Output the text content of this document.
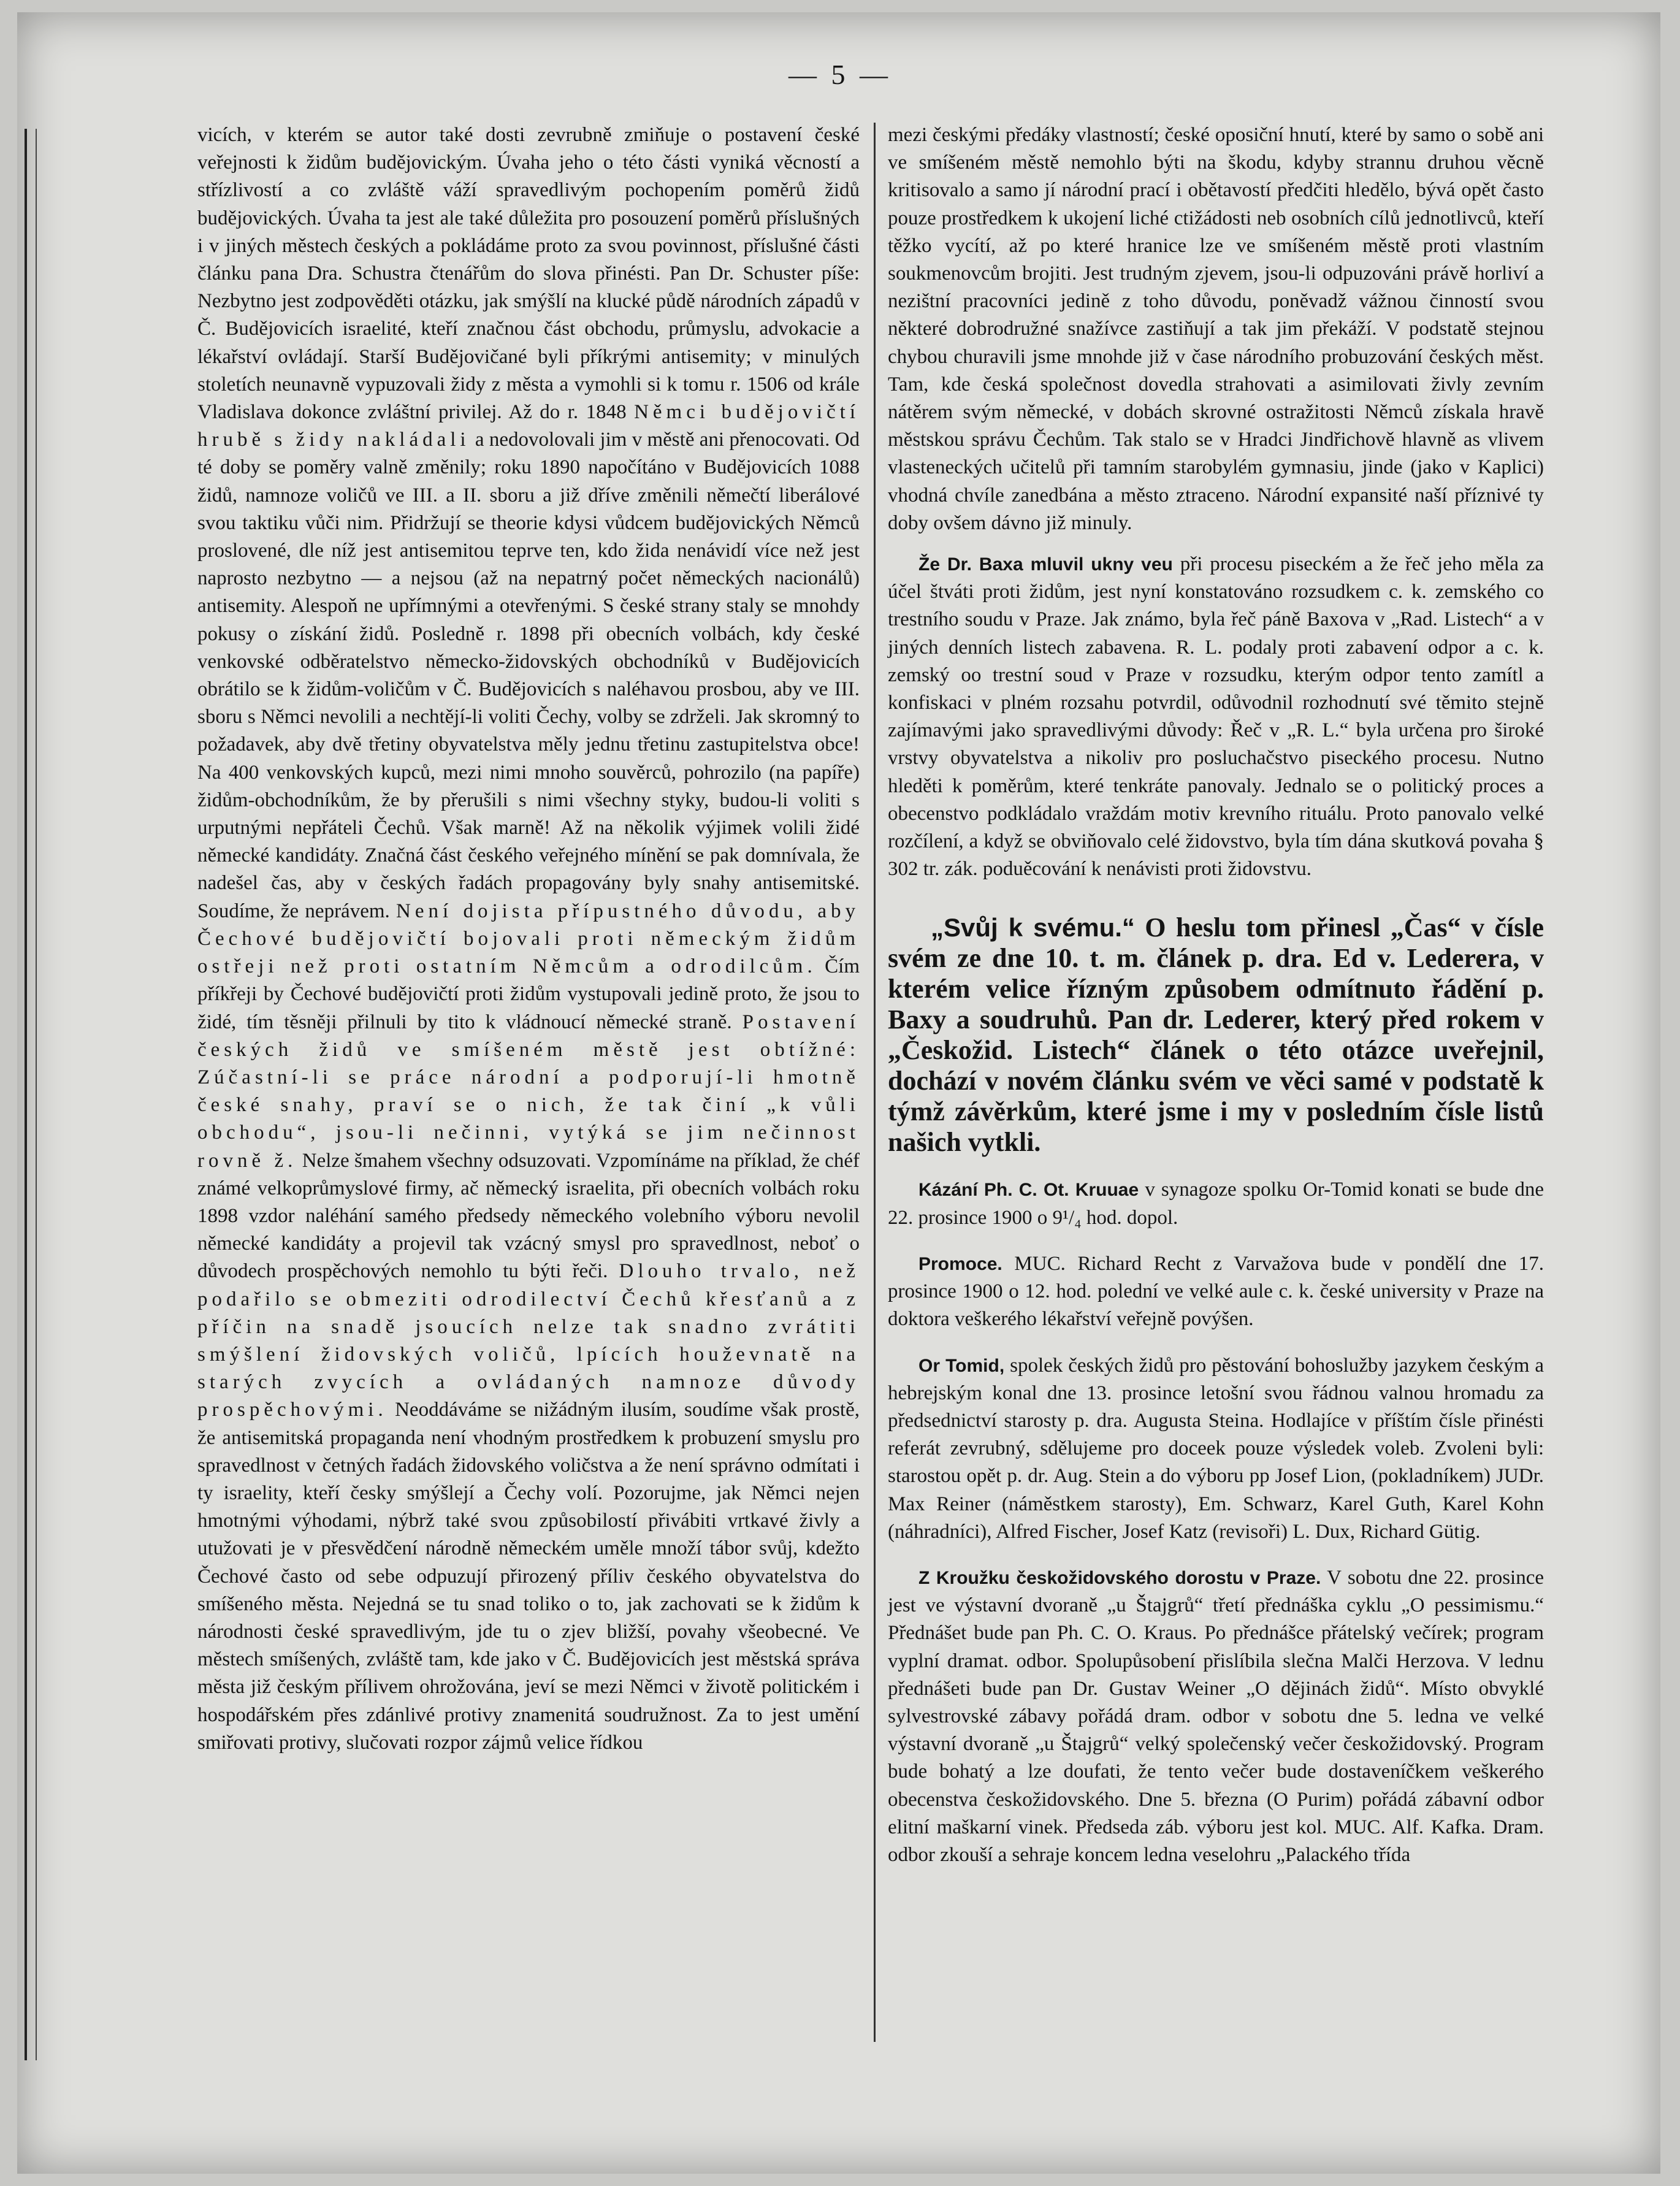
— 5 —

vicích, v kterém se autor také dosti zevrubně zmiňuje o postavení české veřejnosti k židům budějovickým. Úvaha jeho o této části vyniká věcností a střízlivostí a co zvláště váží spravedlivým pochopením poměrů židů budějovických. Úvaha ta jest ale také důležita pro posouzení poměrů příslušných i v jiných městech českých a pokládáme proto za svou povinnost, příslušné části článku pana Dra. Schustra čtenářům do slova přinésti. Pan Dr. Schuster píše: Nezbytno jest zodpověděti otázku, jak smýšlí na klucké půdě národních západů v Č. Budějovicích israelité, kteří značnou část obchodu, průmyslu, advokacie a lékařství ovládají. Starší Budějovičané byli příkrými antisemity; v minulých stoletích neunavně vypuzovali židy z města a vymohli si k tomu r. 1506 od krále Vladislava dokonce zvláštní privilej. Až do r. 1848 Němci budějovičtí hrubě s židy nakládali a nedovolovali jim v městě ani přenocovati. Od té doby se poměry valně změnily; roku 1890 napočítáno v Budějovicích 1088 židů, namnoze voličů ve III. a II. sboru a již dříve změnili němečtí liberálové svou taktiku vůči nim. Přidržují se theorie kdysi vůdcem budějovických Němců proslovené, dle níž jest antisemitou teprve ten, kdo žida nenávidí více než jest naprosto nezbytno — a nejsou (až na nepatrný počet německých nacionálů) antisemity. Alespoň ne upřímnými a otevřenými. S české strany staly se mnohdy pokusy o získání židů. Posledně r. 1898 při obecních volbách, kdy české venkovské odběratelstvo německo-židovských obchodníků v Budějovicích obrátilo se k židům-voličům v Č. Budějovicích s naléhavou prosbou, aby ve III. sboru s Němci nevolili a nechtějí-li voliti Čechy, volby se zdrželi. Jak skromný to požadavek, aby dvě třetiny obyvatelstva měly jednu třetinu zastupitelstva obce! Na 400 venkovských kupců, mezi nimi mnoho souvěrců, pohrozilo (na papíře) židům-obchodníkům, že by přerušili s nimi všechny styky, budou-li voliti s urputnými nepřáteli Čechů. Však marně! Až na několik výjimek volili židé německé kandidáty. Značná část českého veřejného mínění se pak domnívala, že nadešel čas, aby v českých řadách propagovány byly snahy antisemitské. Soudíme, že neprávem. Není dojista přípustného důvodu, aby Čechové budějovičtí bojovali proti německým židům ostřeji než proti ostatním Němcům a odrodilcům. Čím příkřeji by Čechové budějovičtí proti židům vystupovali jedině proto, že jsou to židé, tím těsněji přilnuli by tito k vládnoucí německé straně. Postavení českých židů ve smíšeném městě jest obtížné: Zúčastní-li se práce národní a podporují-li hmotně české snahy, praví se o nich, že tak činí „k vůli obchodu“, jsou-li nečinni, vytýká se jim nečinnost rovně ž. Nelze šmahem všechny odsuzovati. Vzpomínáme na příklad, že chéf známé velkoprůmyslové firmy, ač německý israelita, při obecních volbách roku 1898 vzdor naléhání samého předsedy německého volebního výboru nevolil německé kandidáty a projevil tak vzácný smysl pro spravedlnost, neboť o důvodech prospěchových nemohlo tu býti řeči. Dlouho trvalo, než podařilo se obmeziti odrodilectví Čechů křesťanů a z příčin na snadě jsoucích nelze tak snadno zvrátiti smýšlení židovských voličů, lpících houževnatě na starých zvycích a ovládaných namnoze důvody prospěchovými. Neoddáváme se nižádným ilusím, soudíme však prostě, že antisemitská propaganda není vhodným prostředkem k probuzení smyslu pro spravedlnost v četných řadách židovského voličstva a že není správno odmítati i ty israelity, kteří česky smýšlejí a Čechy volí. Pozorujme, jak Němci nejen hmotnými výhodami, nýbrž také svou způsobilostí přivábiti vrtkavé živly a utužovati je v přesvědčení národně německém uměle množí tábor svůj, kdežto Čechové často od sebe odpuzují přirozený příliv českého obyvatelstva do smíšeného města. Nejedná se tu snad toliko o to, jak zachovati se k židům k národnosti české spravedlivým, jde tu o zjev bližší, povahy všeobecné. Ve městech smíšených, zvláště tam, kde jako v Č. Budějovicích jest městská správa města již českým přílivem ohrožována, jeví se mezi Němci v životě politickém i hospodářském přes zdánlivé protivy znamenitá soudružnost. Za to jest umění smiřovati protivy, slučovati rozpor zájmů velice řídkou

mezi českými předáky vlastností; české oposiční hnutí, které by samo o sobě ani ve smíšeném městě nemohlo býti na škodu, kdyby strannu druhou věcně kritisovalo a samo jí národní prací i obětavostí předčiti hledělo, bývá opět často pouze prostředkem k ukojení liché ctižádosti neb osobních cílů jednotlivců, kteří těžko vycítí, až po které hranice lze ve smíšeném městě proti vlastním soukmenovcům brojiti. Jest trudným zjevem, jsou-li odpuzováni právě horliví a nezištní pracovníci jedině z toho důvodu, poněvadž vážnou činností svou některé dobrodružné snažívce zastiňují a tak jim překáží. V podstatě stejnou chybou churavili jsme mnohde již v čase národního probuzování českých měst. Tam, kde česká společnost dovedla strahovati a asimilovati živly zevním nátěrem svým německé, v dobách skrovné ostražitosti Němců získala hravě městskou správu Čechům. Tak stalo se v Hradci Jindřichově hlavně as vlivem vlasteneckých učitelů při tamním starobylém gymnasiu, jinde (jako v Kaplici) vhodná chvíle zanedbána a město ztraceno. Národní expansité naší příznivé ty doby ovšem dávno již minuly.

Že Dr. Baxa mluvil ukny veu při procesu piseckém a že řeč jeho měla za účel štváti proti židům, jest nyní konstatováno rozsudkem c. k. zemského co trestního soudu v Praze. Jak známo, byla řeč páně Baxova v „Rad. Listech“ a v jiných denních listech zabavena. R. L. podaly proti zabavení odpor a c. k. zemský oo trestní soud v Praze v rozsudku, kterým odpor tento zamítl a konfiskaci v plném rozsahu potvrdil, odůvodnil rozhodnutí své těmito stejně zajímavými jako spravedlivými důvody: Řeč v „R. L.“ byla určena pro široké vrstvy obyvatelstva a nikoliv pro posluchačstvo piseckého procesu. Nutno hleděti k poměrům, které tenkráte panovaly. Jednalo se o politický proces a obecenstvo podkládalo vraždám motiv krevního rituálu. Proto panovalo velké rozčílení, a když se obviňovalo celé židovstvo, byla tím dána skutková povaha § 302 tr. zák. poduěcování k nenávisti proti židovstvu.

„Svůj k svému.“ O heslu tom přinesl „Čas“ v čísle svém ze dne 10. t. m. článek p. dra. Ed v. Lederera, v kterém velice řízným způsobem odmítnuto řádění p. Baxy a soudruhů. Pan dr. Lederer, který před rokem v „Českožid. Listech“ článek o této otázce uveřejnil, dochází v novém článku svém ve věci samé v podstatě k týmž závěrkům, které jsme i my v posledním čísle listů našich vytkli.

Kázání Ph. C. Ot. Kruuae v synagoze spolku Or-Tomid konati se bude dne 22. prosince 1900 o 9¹/₄ hod. dopol.

Promoce. MUC. Richard Recht z Varvažova bude v pondělí dne 17. prosince 1900 o 12. hod. polední ve velké aule c. k. české university v Praze na doktora veškerého lékařství veřejně povýšen.

Or Tomid, spolek českých židů pro pěstování bohoslužby jazykem českým a hebrejským konal dne 13. prosince letošní svou řádnou valnou hromadu za předsednictví starosty p. dra. Augusta Steina. Hodlajíce v příštím čísle přinésti referát zevrubný, sdělujeme pro doceek pouze výsledek voleb. Zvoleni byli: starostou opět p. dr. Aug. Stein a do výboru pp Josef Lion, (pokladníkem) JUDr. Max Reiner (náměstkem starosty), Em. Schwarz, Karel Guth, Karel Kohn (náhradníci), Alfred Fischer, Josef Katz (revisoři) L. Dux, Richard Gütig.

Z Kroužku českožidovského dorostu v Praze. V sobotu dne 22. prosince jest ve výstavní dvoraně „u Štajgrů“ třetí přednáška cyklu „O pessimismu.“ Přednášet bude pan Ph. C. O. Kraus. Po přednášce přátelský večírek; program vyplní dramat. odbor. Spolupůsobení přislíbila slečna Malči Herzova. V lednu přednášeti bude pan Dr. Gustav Weiner „O dějinách židů“. Místo obvyklé sylvestrovské zábavy pořádá dram. odbor v sobotu dne 5. ledna ve velké výstavní dvoraně „u Štajgrů“ velký společenský večer českožidovský. Program bude bohatý a lze doufati, že tento večer bude dostaveníčkem veškerého obecenstva českožidovského. Dne 5. března (O Purim) pořádá zábavní odbor elitní maškarní vinek. Předseda záb. výboru jest kol. MUC. Alf. Kafka. Dram. odbor zkouší a sehraje koncem ledna veselohru „Palackého třída
